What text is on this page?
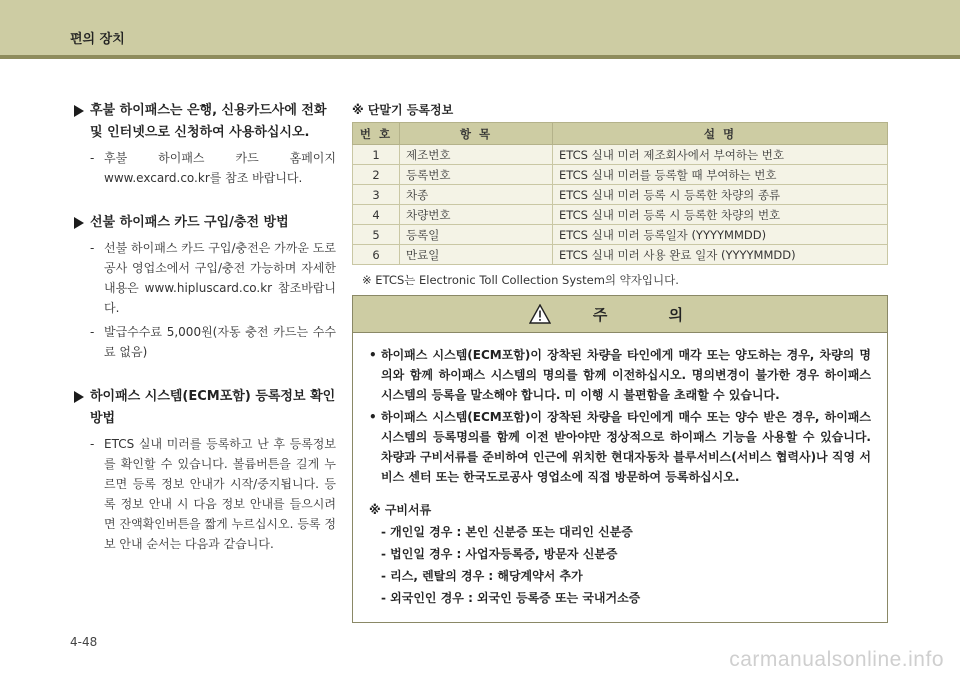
편의 장치
후불 하이패스는 은행, 신용카드사에 전화 및 인터넷으로 신청하여 사용하십시오.
- 후불 하이패스 카드 홈페이지 www.excard.co.kr를 참조 바랍니다.
선불 하이패스 카드 구입/충전 방법
- 선불 하이패스 카드 구입/충전은 가까운 도로공사 영업소에서 구입/충전 가능하며 자세한 내용은 www.hipluscard.co.kr 참조바랍니다.
- 발급수수료 5,000원(자동 충전 카드는 수수료 없음)
하이패스 시스템(ECM포함) 등록정보 확인 방법
- ETCS 실내 미러를 등록하고 난 후 등록정보를 확인할 수 있습니다. 볼륨버튼을 길게 누르면 등록 정보 안내가 시작/중지됩니다. 등록 정보 안내 시 다음 정보 안내를 들으시려면 잔액확인버튼을 짧게 누르십시오. 등록 정보 안내 순서는 다음과 같습니다.
※ 단말기 등록정보
번 호	항 목	설 명
1	제조번호	ETCS 실내 미러 제조회사에서 부여하는 번호
2	등록번호	ETCS 실내 미러를 등록할 때 부여하는 번호
3	차종	ETCS 실내 미러 등록 시 등록한 차량의 종류
4	차량번호	ETCS 실내 미러 등록 시 등록한 차량의 번호
5	등록일	ETCS 실내 미러 등록일자 (YYYYMMDD)
6	만료일	ETCS 실내 미러 사용 완료 일자 (YYYYMMDD)
※ ETCS는 Electronic Toll Collection System의 약자입니다.
주 의
• 하이패스 시스템(ECM포함)이 장착된 차량을 타인에게 매각 또는 양도하는 경우, 차량의 명의와 함께 하이패스 시스템의 명의를 함께 이전하십시오. 명의변경이 불가한 경우 하이패스 시스템의 등록을 말소해야 합니다. 미 이행 시 불편함을 초래할 수 있습니다.
• 하이패스 시스템(ECM포함)이 장착된 차량을 타인에게 매수 또는 양수 받은 경우, 하이패스 시스템의 등록명의를 함께 이전 받아야만 정상적으로 하이패스 기능을 사용할 수 있습니다. 차량과 구비서류를 준비하여 인근에 위치한 현대자동차 블루서비스(서비스 협력사)나 직영 서비스 센터 또는 한국도로공사 영업소에 직접 방문하여 등록하십시오.
※ 구비서류
- 개인일 경우 : 본인 신분증 또는 대리인 신분증
- 법인일 경우 : 사업자등록증, 방문자 신분증
- 리스, 렌탈의 경우 : 해당계약서 추가
- 외국인인 경우 : 외국인 등록증 또는 국내거소증
4-48
carmanualsonline.info
